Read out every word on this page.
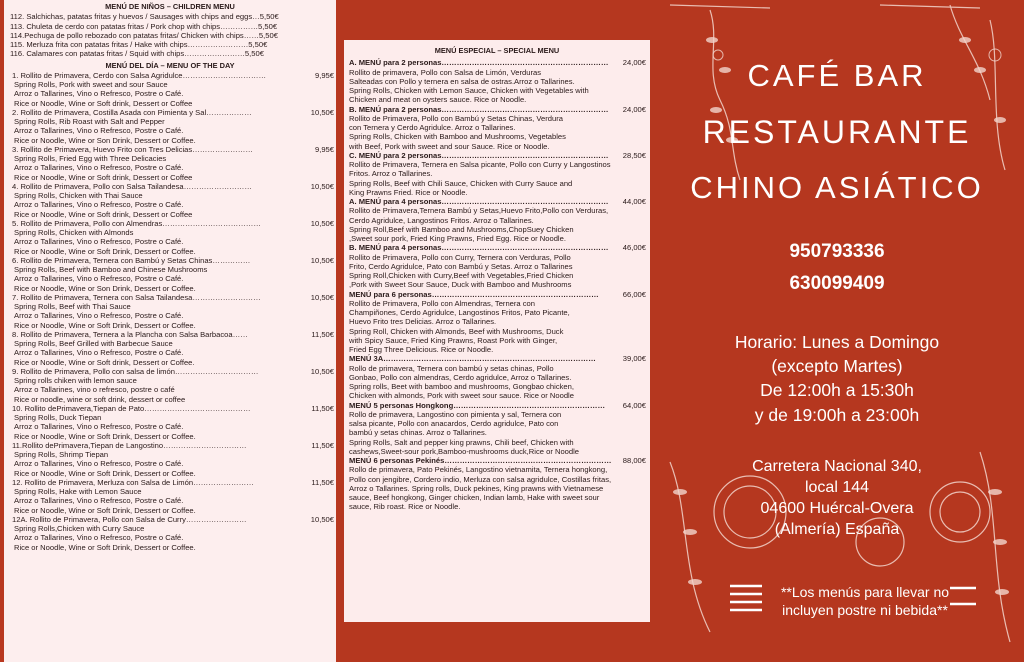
MENÚ DE NIÑOS – CHILDREN MENU
112. Salchichas, patatas fritas y huevos / Sausages with chips and eggs…5,50€
113. Chuleta de cerdo con patatas fritas / Pork chop with chips……………5,50€
114.Pechuga de pollo rebozado con patatas fritas/ Chicken with chips……5,50€
115. Merluza frita con patatas fritas / Hake with chips……………………5,50€
116. Calamares con patatas fritas / Squid with chips……………………5,50€
MENÚ DEL DÍA – MENU OF THE DAY
1. Rollito de Primavera, Cerdo con Salsa Agridulce……………………………	9,95€
Spring Rolls, Pork with sweet and sour Sauce
Arroz o Tallarines, Vino o Refresco, Postre o Café.
Rice or Noodle, Wine or Soft drink, Dessert or Coffee
2. Rollito de Primavera, Costilla Asada con Pimienta y Sal………………	10,50€
Spring Rolls, Rib Roast with Salt and Pepper
Arroz o Tallarines, Vino o Refresco, Postre o Café.
Rice or Noodle, Wine or Son Drink, Dessert or Coffee.
3. Rollito de Primavera, Huevo Frito con Tres Delicias……………………	9,95€
Spring Rolls, Fried Egg with Three Delicacies
Arroz o Tallarines, Vino o Refresco, Postre o Café.
Rice or Noodle, Wine or Soft drink, Dessert or Coffee
4. Rollito de Primavera, Pollo con Salsa Tailandesa………………………	10,50€
Spring Rolls, Chicken with Thai Sauce
Arroz o Tallarines, Vino o Refresco, Postre o Café.
Rice or Noodle, Wine or Soft drink, Dessert or Coffee
5. Rollito de Primavera, Pollo con Almendras…………………………………	10,50€
Spring Rolls, Chicken with Almonds
Arroz o Tallarines, Vino o Refresco, Postre o Café.
Rice or Noodle, Wine or Soft Drink, Dessert or Coffee.
6. Rollito de Primavera, Ternera con Bambú y Setas Chinas……………	10,50€
Spring Rolls, Beef with Bamboo and Chinese Mushrooms
Arroz o Tallarines, Vino o Refresco, Postre o Café.
Rice or Noodle, Wine or Son Drink, Dessert or Coffee.
7. Rollito de Primavera, Ternera con Salsa Tailandesa………………………	10,50€
Spring Rolls, Beef with Thai Sauce
Arroz o Tallarines, Vino o Refresco, Postre o Café.
Rice or Noodle, Wine or Soft Drink, Dessert or Coffee.
8. Rollito de Primavera, Ternera a la Plancha con Salsa Barbacoa……	11,50€
Spring Rolls, Beef Grilled with Barbecue Sauce
Arroz o Tallarines, Vino o Refresco, Postre o Café.
Rice or Noodle, Wine or Soft drink, Dessert or Coffee.
9. Rollito de Primavera, Pollo con salsa de limón……………………………	10,50€
Spring rolls chiken with lemon sauce
Arroz o Tallarines, vino o refresco, postre o café
Rice or noodle, wine or soft drink, dessert or coffee
10. Rollito dePrimavera,Tiepan de Pato……………………………………	11,50€
Spring Rolls, Duck Tiepan
Arroz o Tallarines, Vino o Refresco, Postre o Café.
Rice or Noodle, Wine or Soft Drink, Dessert or Coffee.
11.Rollito dePrimavera,Tiepan de Langostino……………………………	11,50€
Spring Rolls, Shrimp Tiepan
Arroz o Tallarines, Vino o Refresco, Postre o Café.
Rice or Noodle, Wine or Soft Drink, Dessert or Coffee.
12. Rollito de Primavera, Merluza con Salsa de Limón……………………	11,50€
Spring Rolls, Hake with Lemon Sauce
Arroz o Tallarines, Vino o Refresco, Postre o Café.
Rice or Noodle, Wine or Soft Drink, Dessert or Coffee.
12A. Rollito de Primavera, Pollo con Salsa de Curry……………………	10,50€
Spring Rolls,Chicken with Curry Sauce
Arroz o Tallarines, Vino o Refresco, Postre o Café.
Rice or Noodle, Wine or Soft Drink, Dessert or Coffee.
MENÚ ESPECIAL – SPECIAL MENU
A. MENÚ para 2 personas………………………………………………………… 24,00€
Rollito de primavera, Pollo con Salsa de Limón, Verduras
Salteadas con Pollo y ternera en salsa de ostras.Arroz o Tallarines.
Spring Rolls, Chicken with Lemon Sauce, Chicken with Vegetables with
Chicken and meat on oysters sauce. Rice or Noodle.
B. MENÚ para 2 personas………………………………………………………… 24,00€
Rollito de Primavera, Pollo con Bambú y Setas Chinas, Verdura
con Ternera y Cerdo Agridulce. Arroz o Tallarines.
Spring Rolls, Chicken with Bamboo and Mushrooms, Vegetables
with Beef, Pork with sweet and sour Sauce. Rice or Noodle.
C. MENÚ para 2 personas………………………………………………………… 28,50€
Rollito de Primavera, Ternera en Salsa picante, Pollo con Curry y Langostinos
Fritos. Arroz o Tallarines.
Spring Rolls, Beef with Chili Sauce, Chicken with Curry Sauce and
King Prawns Fried. Rice or Noodle.
A. MENÚ para 4 personas………………………………………………………… 44,00€
Rollito de Primavera,Ternera Bambú y Setas,Huevo Frito,Pollo con Verduras,
Cerdo Agridulce, Langostinos Fritos. Arroz o Tallarines.
Spring Roll,Beef with Bamboo and Mushrooms,ChopSuey Chicken
,Sweet sour pork, Fried King Prawns, Fried Egg. Rice or Noodle.
B. MENÚ para 4 personas………………………………………………………… 46,00€
Rollito de Primavera, Pollo con Curry, Ternera con Verduras, Pollo
Frito, Cerdo Agridulce, Pato con Bambú y Setas. Arroz o Tallarines
Spring Roll,Chicken with Curry,Beef with Vegetables,Fried Chicken
,Pork with Sweet Sour Sauce, Duck with Bamboo and Mushrooms
MENÚ para 6 personas…………………………………………………………	66,00€
Rollito de Primavera, Pollo con Almendras, Ternera con
Champiñones, Cerdo Agridulce, Langostinos Fritos, Pato Picante,
Huevo Frito tres Delicias. Arroz o Tallarines.
Spring Roll, Chicken with Almonds, Beef with Mushrooms, Duck
with Spicy Sauce, Fried King Prawns, Roast Pork with Ginger,
Fried Egg Three Delicious. Rice or Noodle.
MENÚ 3A…………………………………………………………………………	39,00€
Rollo de primavera, Ternera con bambú y setas chinas, Pollo
Gonbao, Pollo con almendras, Cerdo agridulce, Arroz o Tallarines.
Spring rolls, Beet with bamboo and mushrooms, Gongbao chicken,
Chicken with almonds, Pork with sweet sour sauce. Rice or Noodle
MENÚ 5 personas Hongkong…………………………………………………… 64,00€
Rollo de primavera, Langostino con pimienta y sal, Ternera con
salsa picante, Pollo con anacardos, Cerdo agridulce, Pato con
bambú y setas chinas. Arroz o Tallarines.
Spring Rolls, Salt and pepper king prawns, Chili beef, Chicken with
cashews,Sweet-sour pork,Bamboo-mushrooms duck,Rice or Noodle
MENÚ 6 personas Pekinés………………………………………………………… 88,00€
Rollo de primavera, Pato Pekinés, Langostino vietnamita, Ternera hongkong,
Pollo con jengibre, Cordero indio, Merluza con salsa agridulce, Costillas fritas,
Arroz o Tallarines. Spring rolls, Duck pekines, King prawns with Vietnamese
sauce, Beef hongkong, Ginger chicken, Indian lamb, Hake with sweet sour
sauce, Rib roast. Rice or Noodle.
CAFÉ BAR
RESTAURANTE
CHINO ASIÁTICO
950793336
630099409
Horario: Lunes a Domingo
(excepto Martes)
De 12:00h a 15:30h
y de 19:00h a 23:00h
Carretera Nacional 340,
local 144
04600 Huércal-Overa
(Almería) España
**Los menús para llevar no incluyen postre ni bebida**
